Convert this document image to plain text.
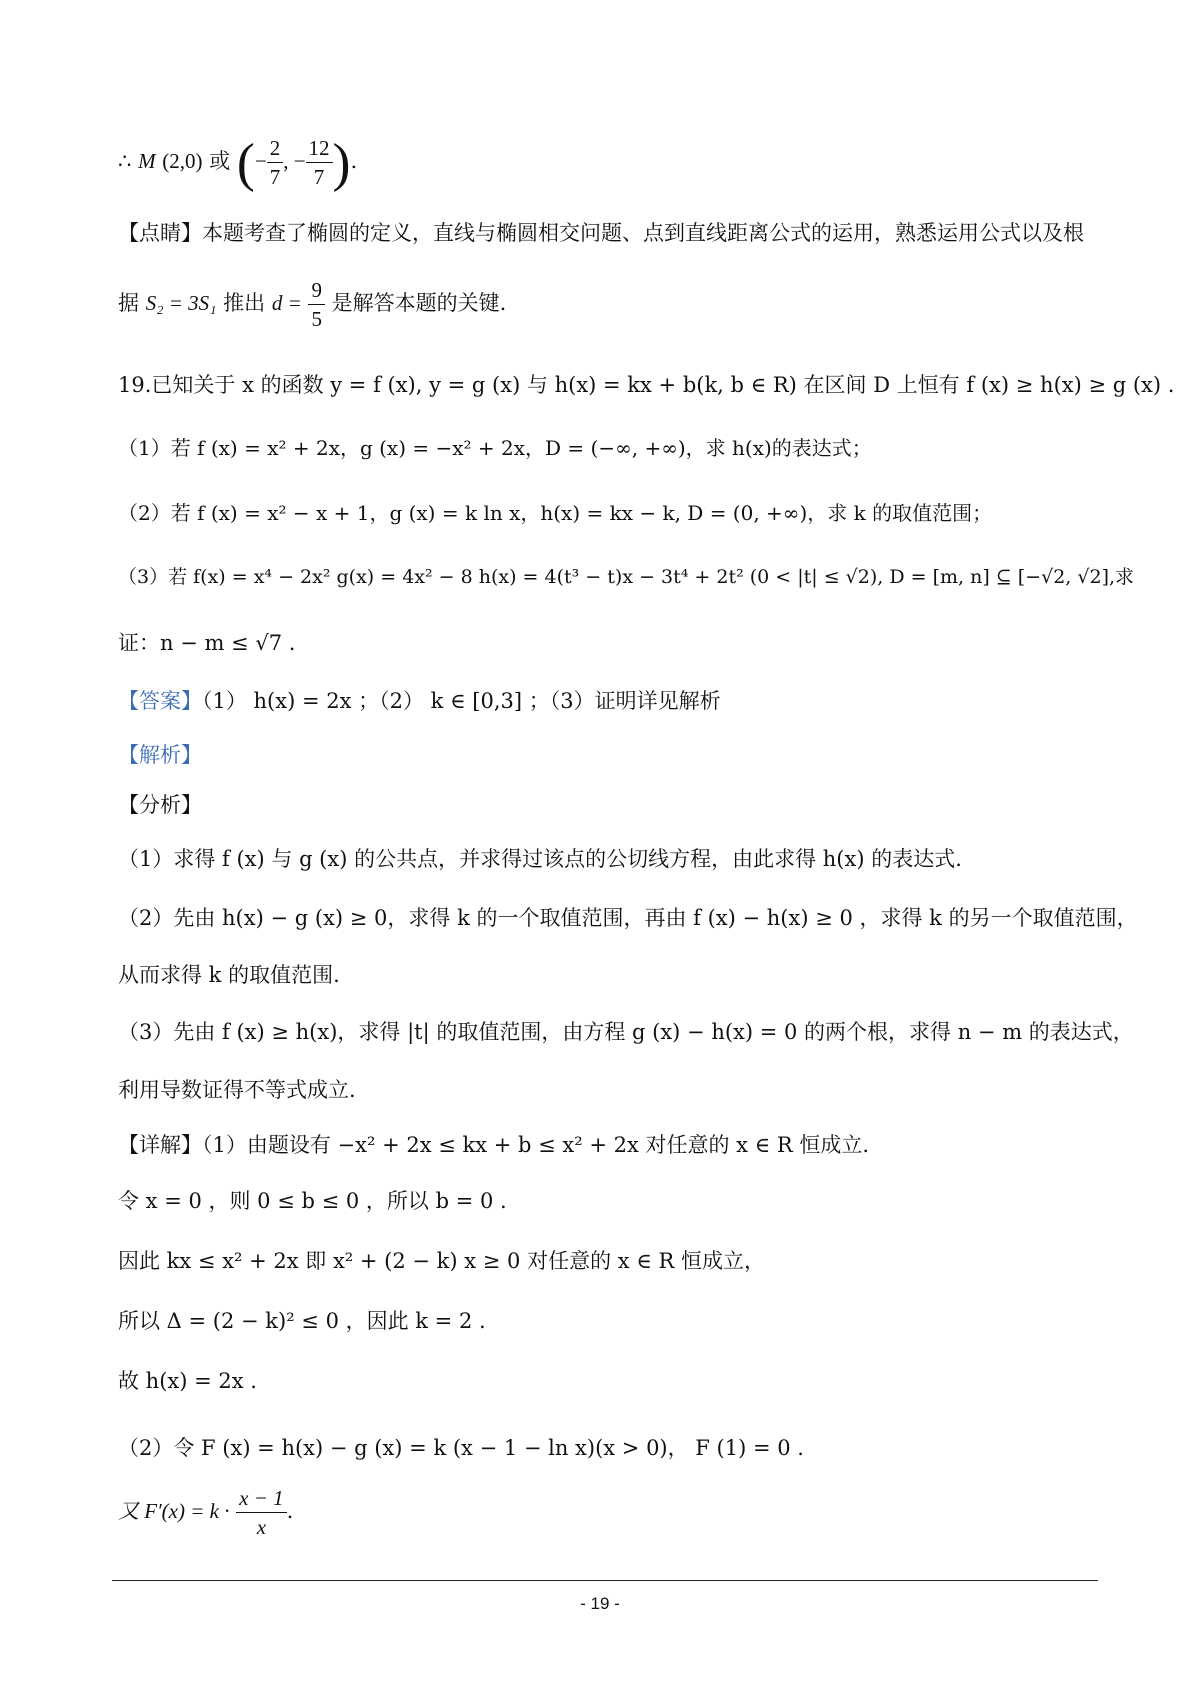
∴ M (2,0) 或 (− $\frac{2}{7}$ , − $\frac{12}{7}$ ).
【点睛】本题考查了椭圆的定义，直线与椭圆相交问题、点到直线距离公式的运用，熟悉运用公式以及根
据 S₂ = 3S₁ 推出 $d = \frac{9}{5}$ 是解答本题的关键.
19.已知关于 x 的函数 y = f (x), y = g (x) 与 h(x) = kx + b(k, b ∈ R) 在区间 D 上恒有 f (x) ≥ h(x) ≥ g (x) .
（1）若 f (x) = x² + 2x，g (x) = −x² + 2x，D = (−∞, +∞)，求 h(x)的表达式；
（2）若 f (x) = x² − x + 1，g (x) = k ln x，h(x) = kx − k, D = (0, +∞)，求 k 的取值范围；
（3）若 f(x) = x⁴ − 2x² g(x) = 4x² − 8 h(x) = 4(t³ − t)x − 3t⁴ + 2t² (0 < |t| ≤ √2), D = [m, n] ⊆ [−√2, √2],求
证：n − m ≤ √7 .
【答案】（1） h(x) = 2x ；（2） k ∈ [0,3] ；（3）证明详见解析
【解析】
【分析】
（1）求得 f (x) 与 g (x) 的公共点，并求得过该点的公切线方程，由此求得 h(x) 的表达式.
（2）先由 h(x) − g (x) ≥ 0，求得 k 的一个取值范围，再由 f (x) − h(x) ≥ 0 ，求得 k 的另一个取值范围，
从而求得 k 的取值范围.
（3）先由 f (x) ≥ h(x)，求得 |t| 的取值范围，由方程 g (x) − h(x) = 0 的两个根，求得 n − m 的表达式，
利用导数证得不等式成立.
【详解】（1）由题设有 −x² + 2x ≤ kx + b ≤ x² + 2x 对任意的 x ∈ R 恒成立.
令 x = 0 ，则 0 ≤ b ≤ 0 ，所以 b = 0 .
因此 kx ≤ x² + 2x 即 x² + (2 − k) x ≥ 0 对任意的 x ∈ R 恒成立，
所以 Δ = (2 − k)² ≤ 0 ，因此 k = 2 .
故 h(x) = 2x .
（2）令 F (x) = h(x) − g (x) = k (x − 1 − ln x)(x > 0)， F (1) = 0 .
又 $F'(x) = k \cdot \frac{x - 1}{x}$ .
- 19 -
